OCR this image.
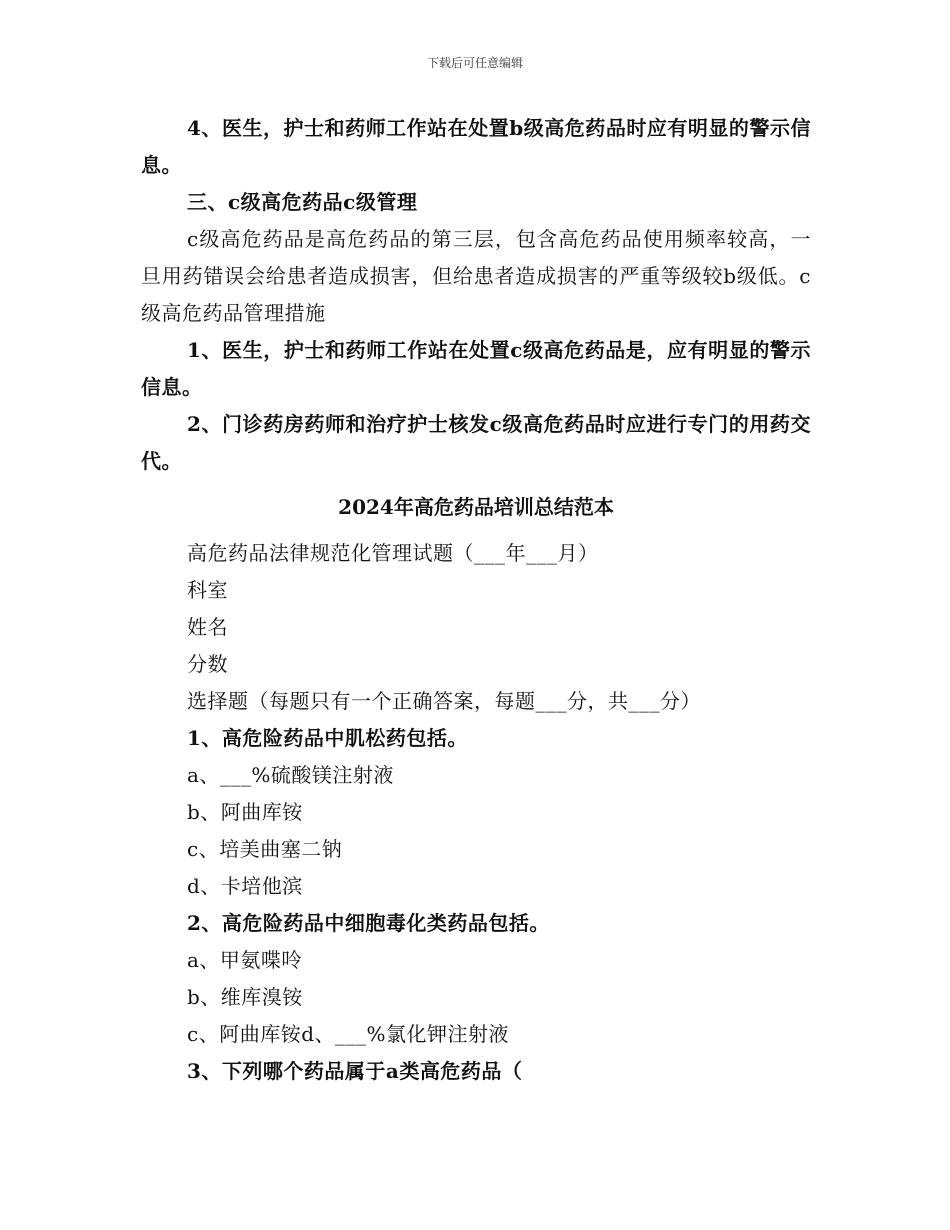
下载后可任意编辑

4、医生，护士和药师工作站在处置b级高危药品时应有明显的警示信息。

三、c级高危药品c级管理

c级高危药品是高危药品的第三层，包含高危药品使用频率较高，一旦用药错误会给患者造成损害，但给患者造成损害的严重等级较b级低。c级高危药品管理措施

1、医生，护士和药师工作站在处置c级高危药品是，应有明显的警示信息。

2、门诊药房药师和治疗护士核发c级高危药品时应进行专门的用药交代。

2024年高危药品培训总结范本

高危药品法律规范化管理试题（___年___月）

科室

姓名

分数

选择题（每题只有一个正确答案，每题___分，共___分）

1、高危险药品中肌松药包括。

a、___%硫酸镁注射液

b、阿曲库铵

c、培美曲塞二钠

d、卡培他滨

2、高危险药品中细胞毒化类药品包括。

a、甲氨喋呤

b、维库溴铵

c、阿曲库铵d、___%氯化钾注射液

3、下列哪个药品属于a类高危药品（
